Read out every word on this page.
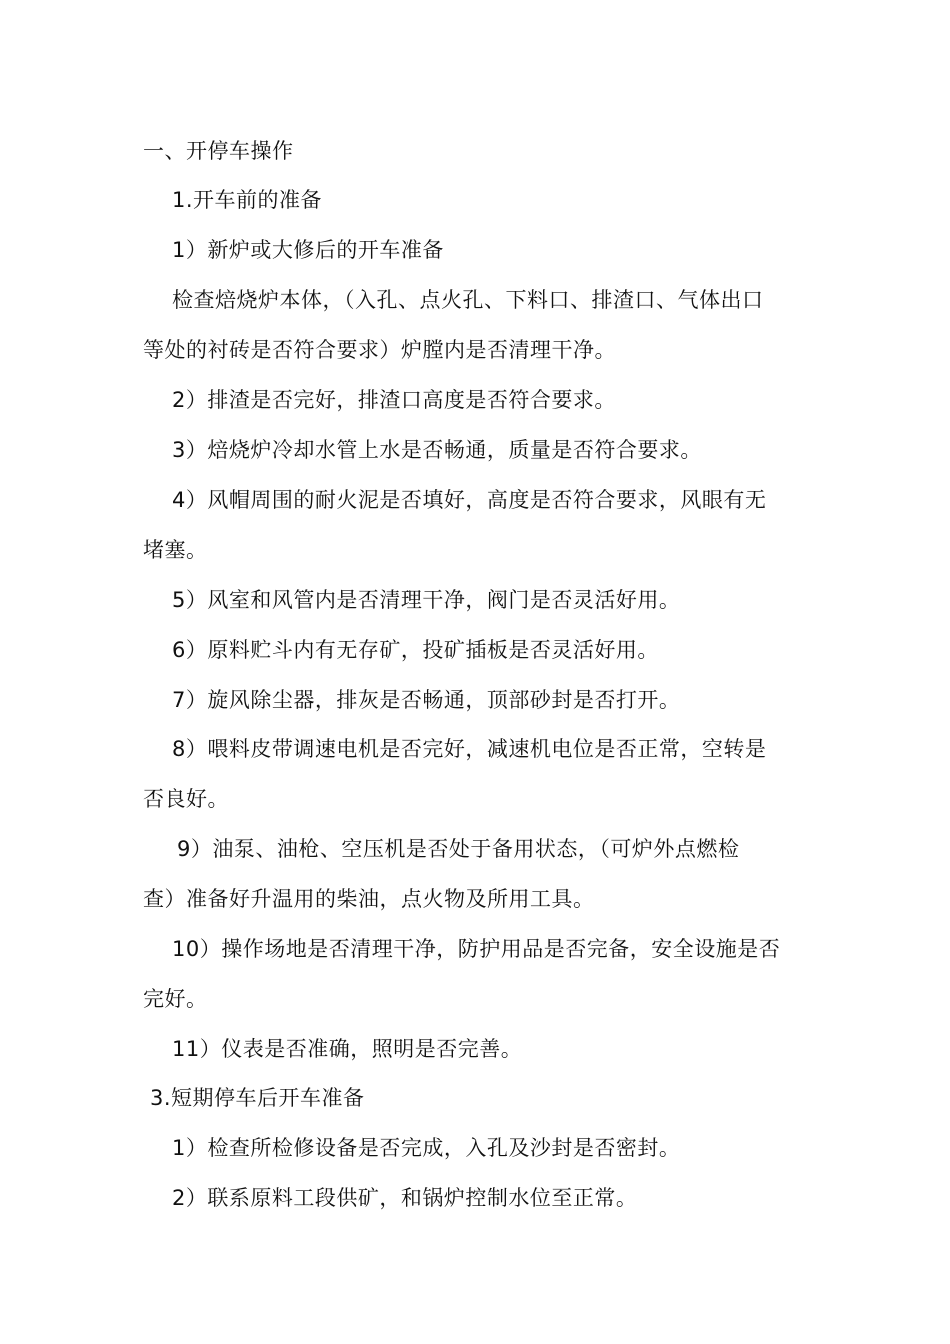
一、开停车操作
1.开车前的准备
1）新炉或大修后的开车准备
检查焙烧炉本体，（入孔、点火孔、下料口、排渣口、气体出口
等处的衬砖是否符合要求）炉膛内是否清理干净。
2）排渣是否完好，排渣口高度是否符合要求。
3）焙烧炉冷却水管上水是否畅通，质量是否符合要求。
4）风帽周围的耐火泥是否填好，高度是否符合要求，风眼有无
堵塞。
5）风室和风管内是否清理干净，阀门是否灵活好用。
6）原料贮斗内有无存矿，投矿插板是否灵活好用。
7）旋风除尘器，排灰是否畅通，顶部砂封是否打开。
8）喂料皮带调速电机是否完好，减速机电位是否正常，空转是
否良好。
9）油泵、油枪、空压机是否处于备用状态，（可炉外点燃检
查）准备好升温用的柴油，点火物及所用工具。
10）操作场地是否清理干净，防护用品是否完备，安全设施是否
完好。
11）仪表是否准确，照明是否完善。
3.短期停车后开车准备
1）检查所检修设备是否完成，入孔及沙封是否密封。
2）联系原料工段供矿，和锅炉控制水位至正常。
